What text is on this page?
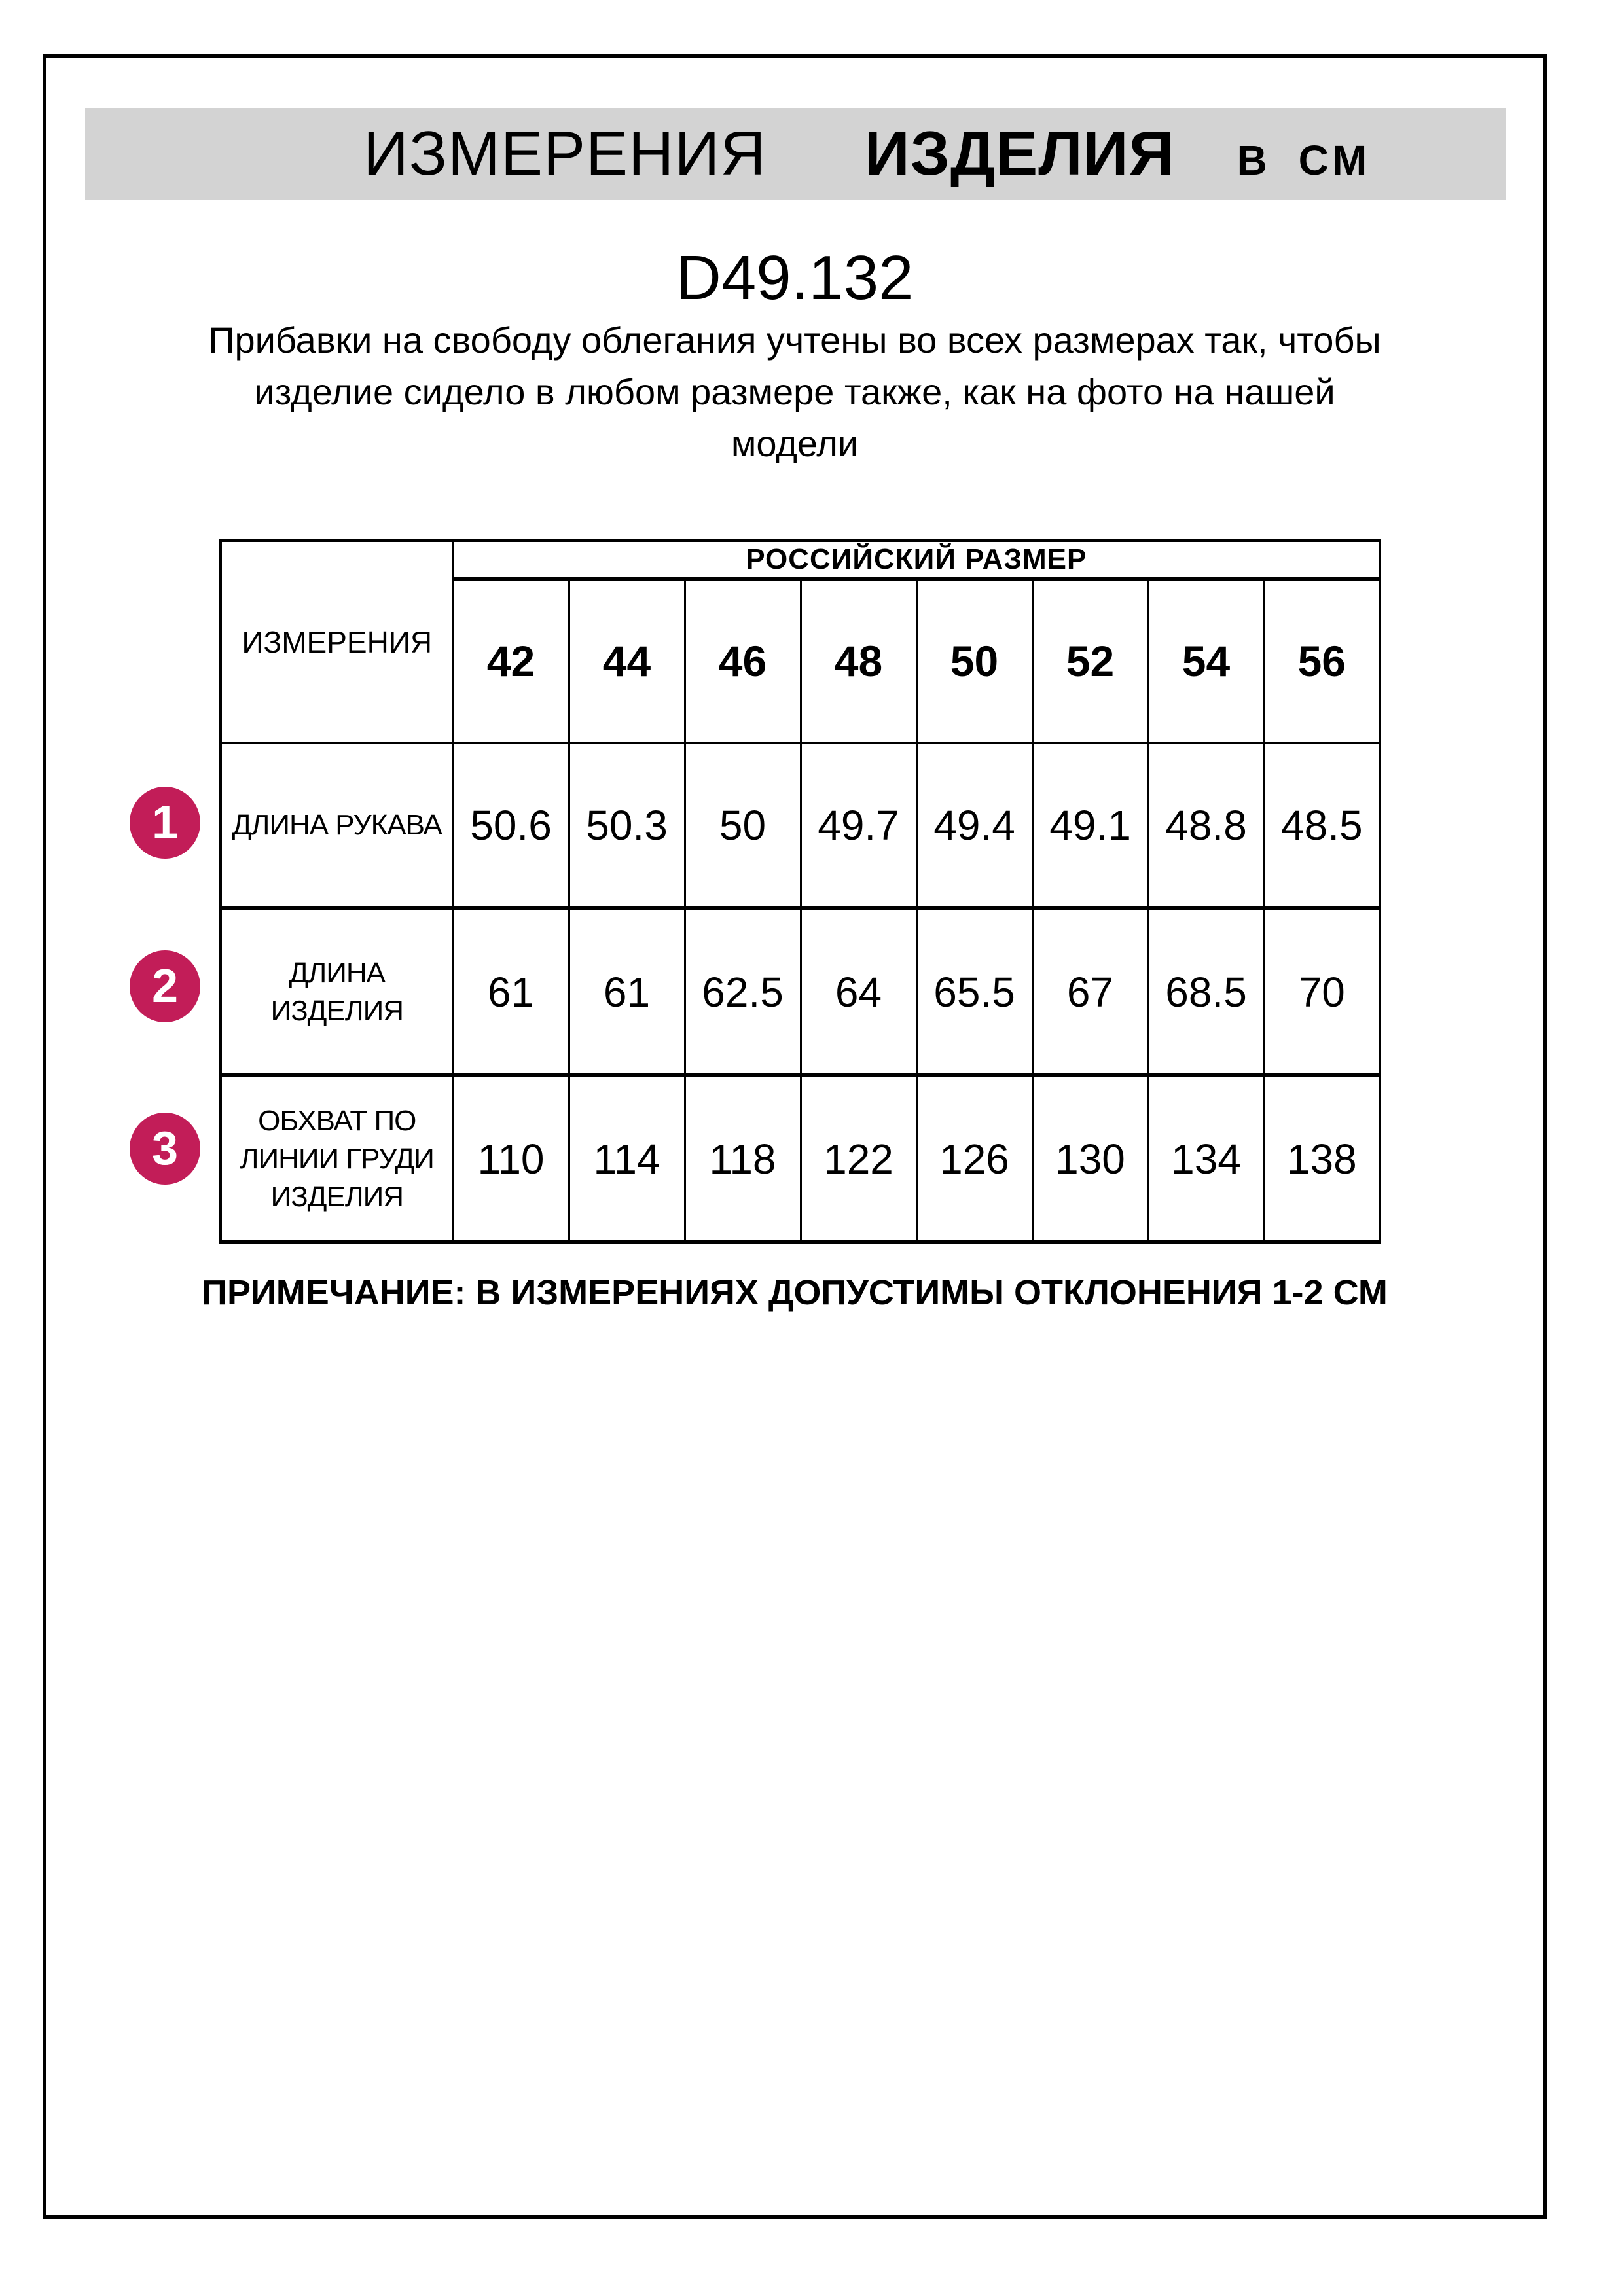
ИЗМЕРЕНИЯ ИЗДЕЛИЯ В СМ
D49.132
Прибавки на свободу облегания учтены во всех размерах так, чтобы
изделие сидело в любом размере также, как на фото на нашей
модели
ИЗМЕРЕНИЯ	РОССИЙСКИЙ РАЗМЕР							
	42	44	46	48	50	52	54	56
ДЛИНА РУКАВА	50.6	50.3	50	49.7	49.4	49.1	48.8	48.5
ДЛИНА
ИЗДЕЛИЯ	61	61	62.5	64	65.5	67	68.5	70
ОБХВАТ ПО
ЛИНИИ ГРУДИ
ИЗДЕЛИЯ	110	114	118	122	126	130	134	138
1
2
3
ПРИМЕЧАНИЕ: В ИЗМЕРЕНИЯХ ДОПУСТИМЫ ОТКЛОНЕНИЯ 1-2 СМ
